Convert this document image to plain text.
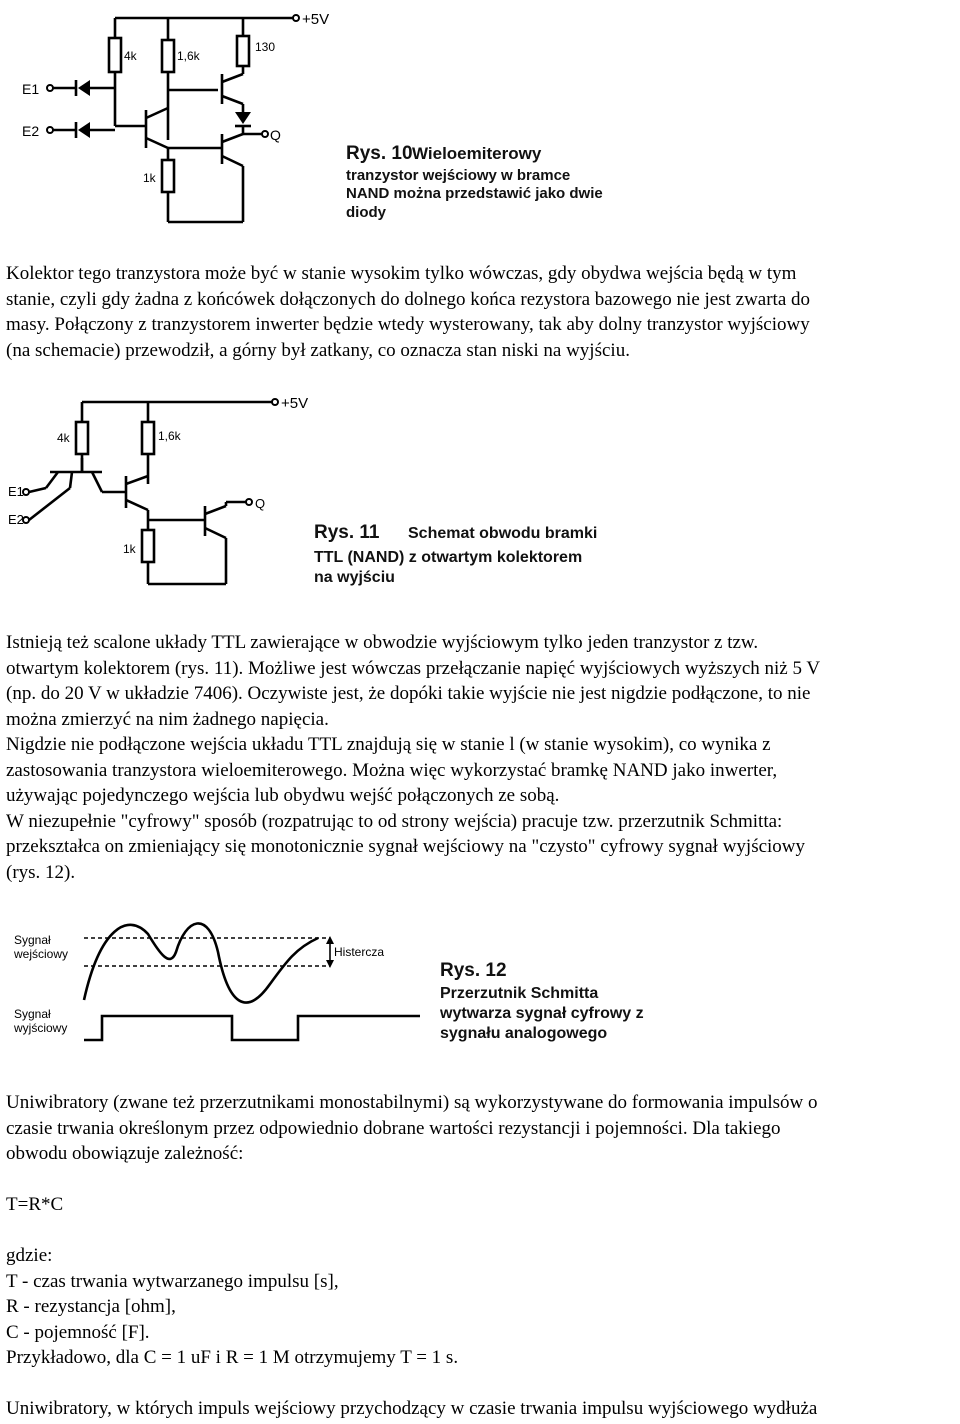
+5V
4k	1,6k
130
Q
E1
E2
1k
Rys. 10 Wieloemiterowy
tranzystor wejściowy w bramce
NAND można przedstawić jako dwie
diody
Kolektor tego tranzystora może być w stanie wysokim tylko wówczas, gdy obydwa wejścia będą w tym
stanie, czyli gdy żadna z końcówek dołączonych do dolnego końca rezystora bazowego nie jest zwarta do
masy. Połączony z tranzystorem inwerter będzie wtedy wysterowany, tak aby dolny tranzystor wyjściowy
(na schemacie) przewodził, a górny był zatkany, co oznacza stan niski na wyjściu.
+5V
4k	1,6k
E1
E2
1k
Q
Rys. 11 Schemat obwodu bramki
TTL (NAND) z otwartym kolektorem
na wyjściu
Istnieją też scalone układy TTL zawierające w obwodzie wyjściowym tylko jeden tranzystor z tzw.
otwartym kolektorem (rys. 11). Możliwe jest wówczas przełączanie napięć wyjściowych wyższych niż 5 V
(np. do 20 V w układzie 7406). Oczywiste jest, że dopóki takie wyjście nie jest nigdzie podłączone, to nie
można zmierzyć na nim żadnego napięcia.
Nigdzie nie podłączone wejścia układu TTL znajdują się w stanie l (w stanie wysokim), co wynika z
zastosowania tranzystora wieloemiterowego. Można więc wykorzystać bramkę NAND jako inwerter,
używając pojedynczego wejścia lub obydwu wejść połączonych ze sobą.
W niezupełnie "cyfrowy" sposób (rozpatrując to od strony wejścia) pracuje tzw. przerzutnik Schmitta:
przekształca on zmieniający się monotonicznie sygnał wejściowy na "czysto" cyfrowy sygnał wyjściowy
(rys. 12).
Sygnał
wejściowy
Sygnał
wyjściowy
Histercza
Rys. 12
Przerzutnik Schmitta
wytwarza sygnał cyfrowy z
sygnału analogowego
Uniwibratory (zwane też przerzutnikami monostabilnymi) są wykorzystywane do formowania impulsów o
czasie trwania określonym przez odpowiednio dobrane wartości rezystancji i pojemności. Dla takiego
obwodu obowiązuje zależność:
T=R*C
gdzie:
T - czas trwania wytwarzanego impulsu [s],
R - rezystancja [ohm],
C - pojemność [F].
Przykładowo, dla C = 1 uF i R = 1 M otrzymujemy T = 1 s.
Uniwibratory, w których impuls wejściowy przychodzący w czasie trwania impulsu wyjściowego wydłuża
